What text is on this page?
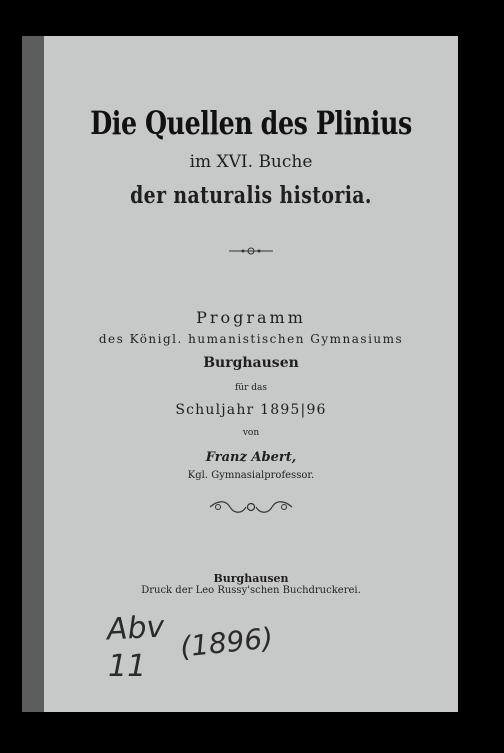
Die Quellen des Plinius
im XVI. Buche
der naturalis historia.
Programm
des Königl. humanistischen Gymnasiums
Burghausen
für das
Schuljahr 1895|96
von
Franz Abert,
Kgl. Gymnasialprofessor.
Burghausen
Druck der Leo Russy'schen Buchdruckerei.
Abv
11
(1896)
